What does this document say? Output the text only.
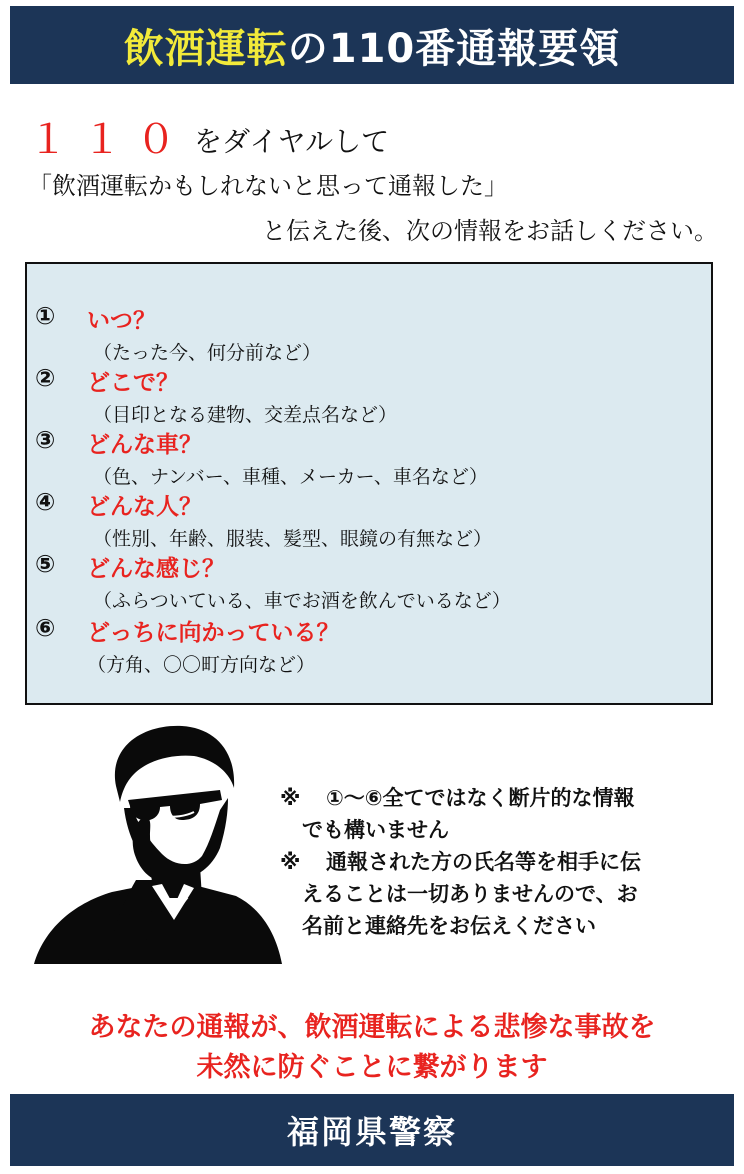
飲酒運転 の110番通報要領
１１０ をダイヤルして
「飲酒運転かもしれないと思って通報した」
と伝えた後、次の情報をお話しください。
① いつ？
（たった今、何分前など）
② どこで？
（目印となる建物、交差点名など）
③ どんな車？
（色、ナンバー、車種、メーカー、車名など）
④ どんな人？
（性別、年齢、服装、髪型、眼鏡の有無など）
⑤ どんな感じ？
（ふらついている、車でお酒を飲んでいるなど）
⑥ どっちに向かっている？
（方角、〇〇町方向など）
※	①～⑥全てではなく断片的な情報
でも構いません
※	通報された方の氏名等を相手に伝
えることは一切ありませんので、お
名前と連絡先をお伝えください
あなたの通報が、飲酒運転による悲惨な事故を
未然に防ぐことに繋がります
福岡県警察
